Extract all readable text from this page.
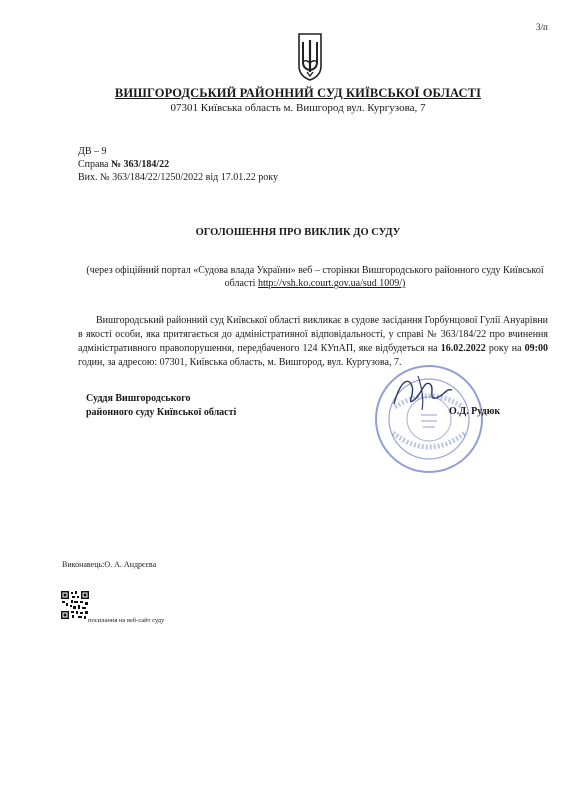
3/п
ВИШГОРОДСЬКИЙ РАЙОННИЙ СУД КИЇВСЬКОЇ ОБЛАСТІ
07301 Київська область м. Вишгород вул. Кургузова, 7
ДВ – 9
Справа № 363/184/22
Вих. № 363/184/22/1250/2022 від 17.01.22 року
ОГОЛОШЕННЯ ПРО ВИКЛИК ДО СУДУ
(через офіційний портал «Судова влада України» веб – сторінки Вишгородського районного суду Київської області http://vsh.ko.court.gov.ua/sud 1009/)
Вишгородський районний суд Київської області викликає в судове засідання Горбунцової Гулії Ануарівни в якості особи, яка притягається до адміністративної відповідальності, у справі № 363/184/22 про вчинення адміністративного правопорушення, передбаченого 124 КУпАП, яке відбудеться на 16.02.2022 року на 09:00 годин, за адресою: 07301, Київська область, м. Вишгород, вул. Кургузова, 7.
Суддя Вишгородського
районного суду Київської області	О.Д. Рудюк
Виконавець:О. А. Андрєєва
посилання на веб-сайт суду
